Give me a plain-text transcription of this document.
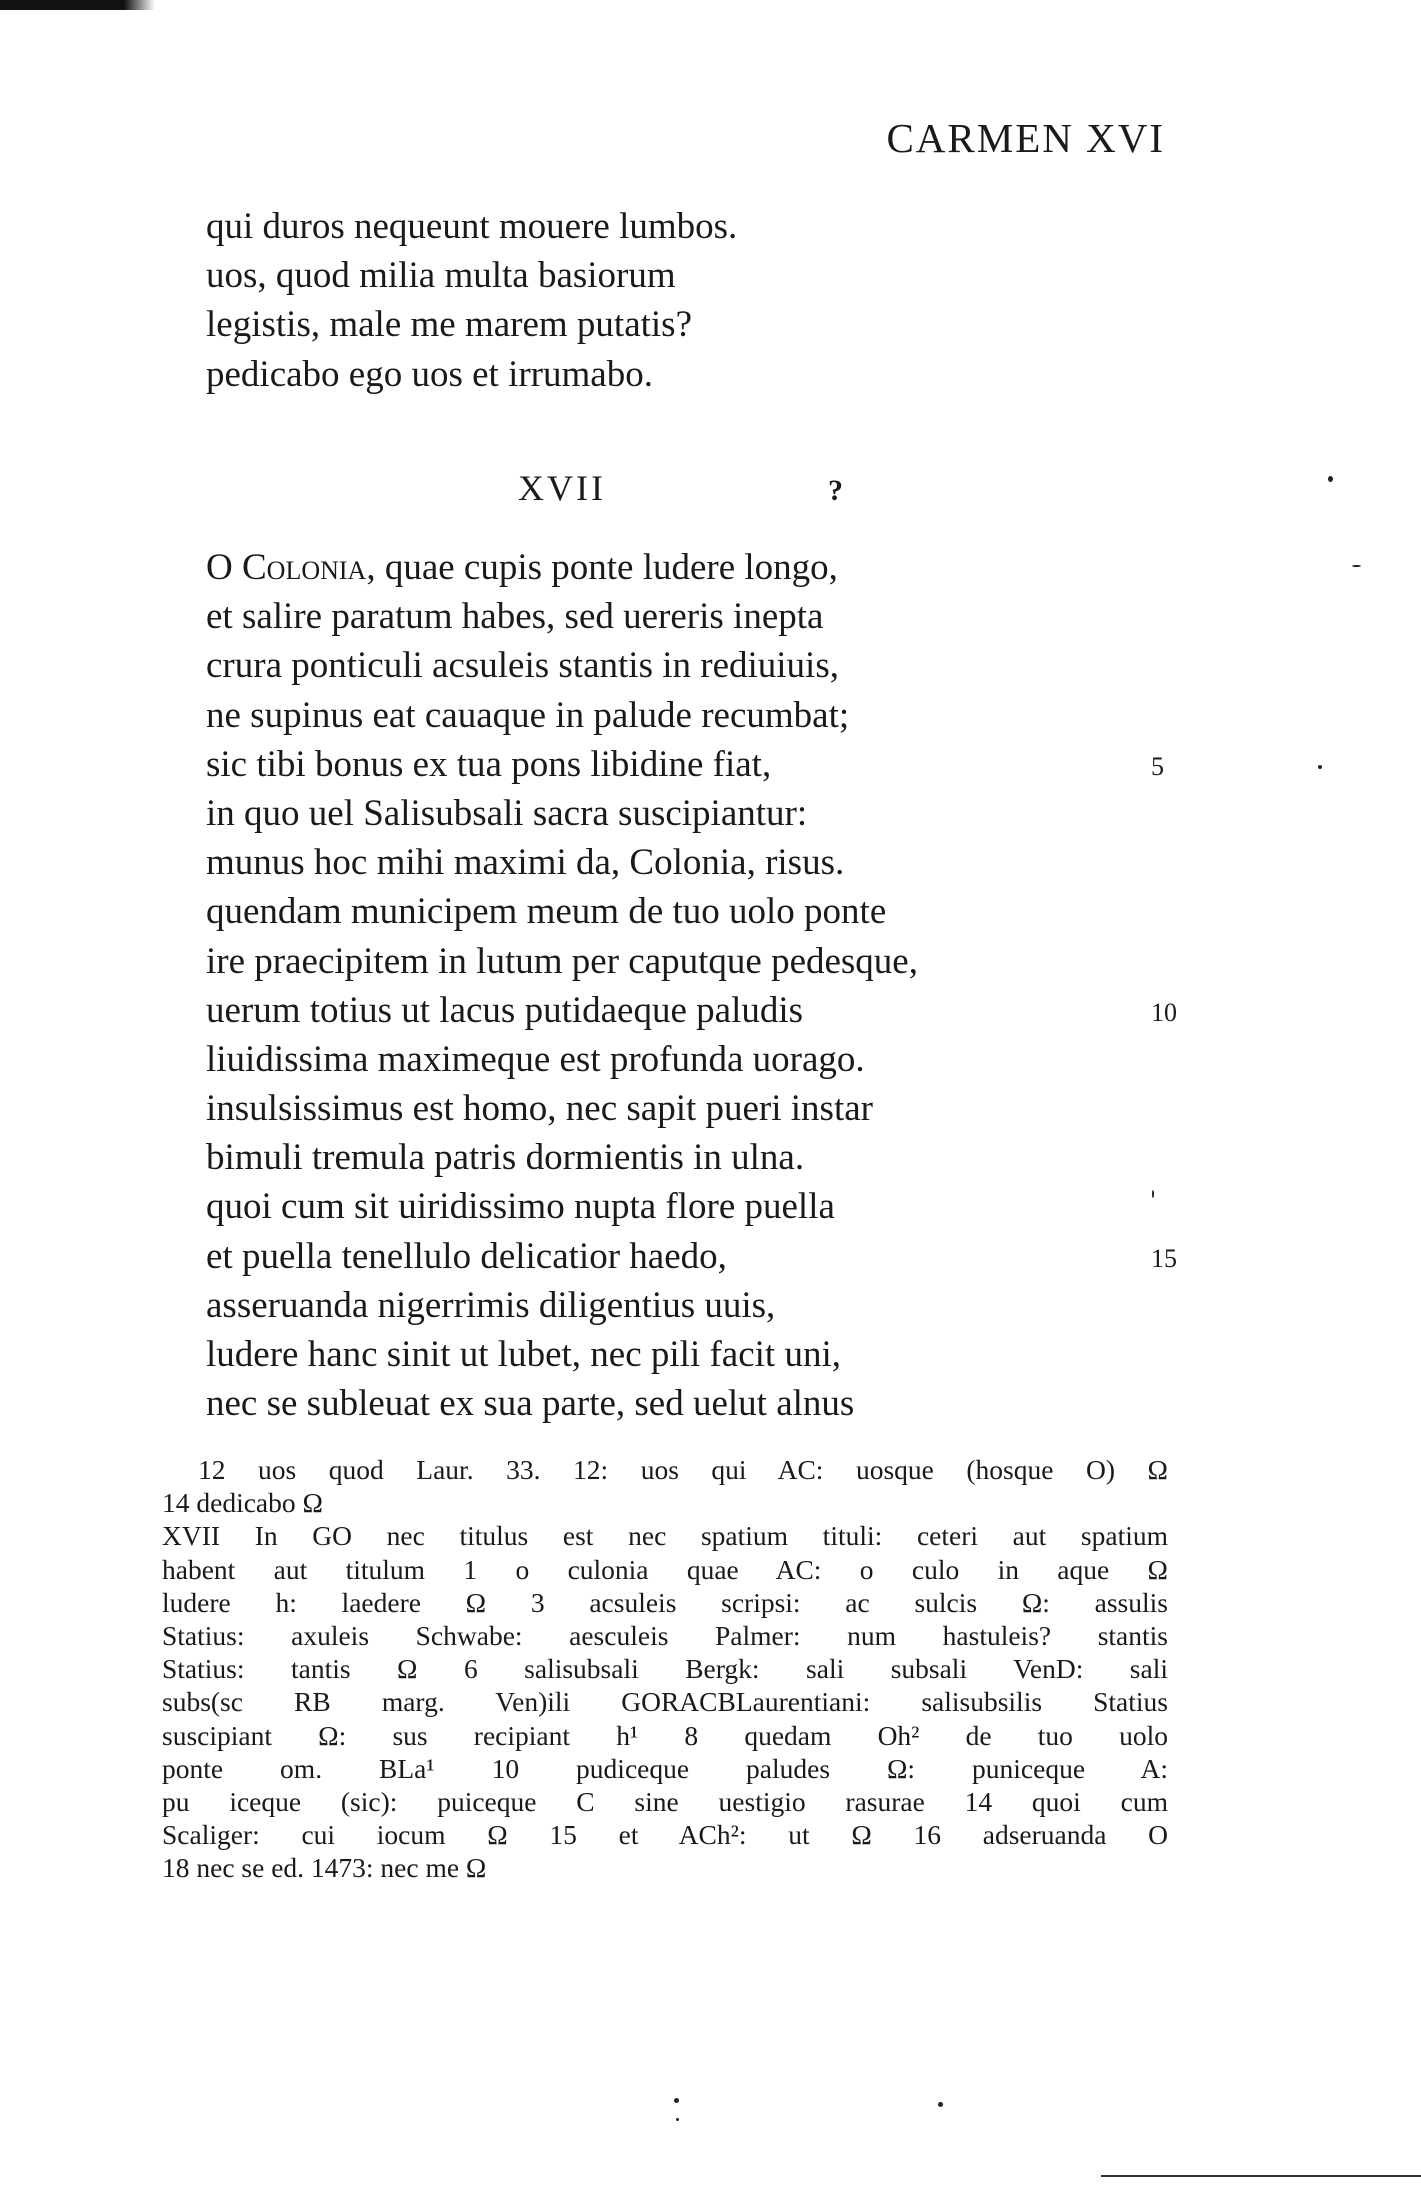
CARMEN XVI
qui duros nequeunt mouere lumbos.
uos, quod milia multa basiorum
legistis, male me marem putatis?
pedicabo ego uos et irrumabo.
XVII	?
O Colonia, quae cupis ponte ludere longo,
et salire paratum habes, sed uereris inepta
crura ponticuli acsuleis stantis in rediuiuis,
ne supinus eat cauaque in palude recumbat;
sic tibi bonus ex tua pons libidine fiat,	5
in quo uel Salisubsali sacra suscipiantur:
munus hoc mihi maximi da, Colonia, risus.
quendam municipem meum de tuo uolo ponte
ire praecipitem in lutum per caputque pedesque,
uerum totius ut lacus putidaeque paludis	10
liuidissima maximeque est profunda uorago.
insulsissimus est homo, nec sapit pueri instar
bimuli tremula patris dormientis in ulna.
quoi cum sit uiridissimo nupta flore puella
et puella tenellulo delicatior haedo,	15
asseruanda nigerrimis diligentius uuis,
ludere hanc sinit ut lubet, nec pili facit uni,
nec se subleuat ex sua parte, sed uelut alnus
12 uos quod Laur. 33. 12: uos qui AC: uosque (hosque O) Ω
14 dedicabo Ω
XVII In GO nec titulus est nec spatium tituli: ceteri aut spatium
habent aut titulum 1 o culonia quae AC: o culo in aque Ω
ludere h: laedere Ω 3 acsuleis scripsi: ac sulcis Ω: assulis
Statius: axuleis Schwabe: aesculeis Palmer: num hastuleis? stantis
Statius: tantis Ω 6 salisubsali Bergk: sali subsali VenD: sali
subs(sc RB marg. Ven)ili GORACBLaurentiani: salisubsilis Statius
suscipiant Ω: sus recipiant h¹ 8 quedam Oh² de tuo uolo
ponte om. BLa¹ 10 pudiceque paludes Ω: puniceque A:
pu iceque (sic): puiceque C sine uestigio rasurae 14 quoi cum
Scaliger: cui iocum Ω 15 et ACh²: ut Ω 16 adseruanda O
18 nec se ed. 1473: nec me Ω
